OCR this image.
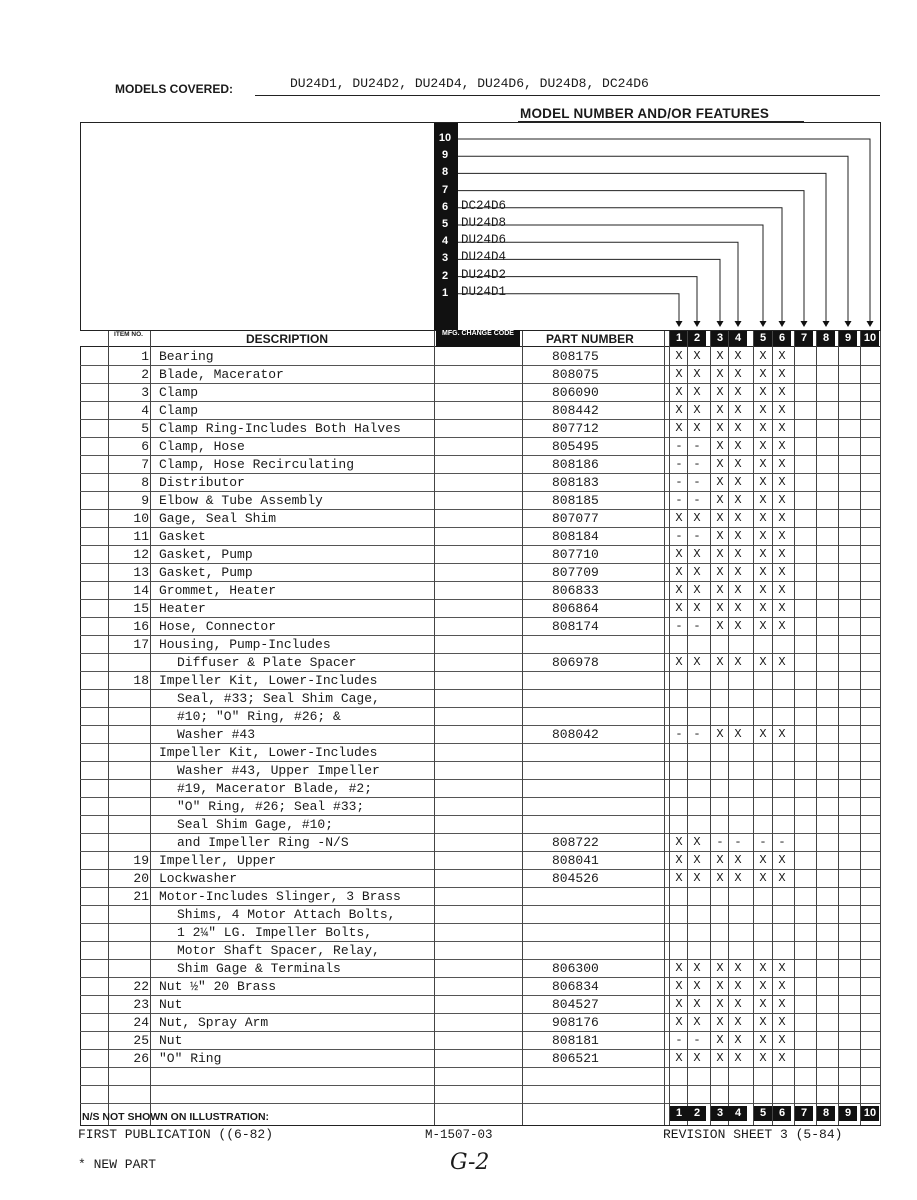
MODELS COVERED:	DU24D1, DU24D2, DU24D4, DU24D6, DU24D8, DC24D6
MODEL NUMBER AND/OR FEATURES
10
9
8
7
6	DC24D6
5	DU24D8
4	DU24D6
3	DU24D4
2	DU24D2
1	DU24D1
ITEM NO.	DESCRIPTION	MFG. CHANGE CODE	PART NUMBER	1	2	3	4	5	6	7	8	9	10
1 Bearing	808175	X X	X X	X X
2 Blade, Macerator	808075	X X	X X	X X
3 Clamp	806090	X X	X X	X X
4 Clamp	808442	X X	X X	X X
5 Clamp Ring-Includes Both Halves	807712	X X	X X	X X
6 Clamp, Hose	805495	- -	X X	X X
7 Clamp, Hose Recirculating	808186	- -	X X	X X
8 Distributor	808183	- -	X X	X X
9 Elbow & Tube Assembly	808185	- -	X X	X X
10 Gage, Seal Shim	807077	X X	X X	X X
11 Gasket	808184	- -	X X	X X
12 Gasket, Pump	807710	X X	X X	X X
13 Gasket, Pump	807709	X X	X X	X X
14 Grommet, Heater	806833	X X	X X	X X
15 Heater	806864	X X	X X	X X
16 Hose, Connector	808174	- -	X X	X X
17 Housing, Pump-Includes
Diffuser & Plate Spacer	806978	X X	X X	X X
18 Impeller Kit, Lower-Includes
Seal, #33; Seal Shim Cage,
#10; "O" Ring, #26; &
Washer #43	808042	- -	X X	X X
Impeller Kit, Lower-Includes
Washer #43, Upper Impeller
#19, Macerator Blade, #2;
"O" Ring, #26; Seal #33;
Seal Shim Gage, #10;
and Impeller Ring -N/S	808722	X X	- -	- -
19 Impeller, Upper	808041	X X	X X	X X
20 Lockwasher	804526	X X	X X	X X
21 Motor-Includes Slinger, 3 Brass
Shims, 4 Motor Attach Bolts,
1 2¼" LG. Impeller Bolts,
Motor Shaft Spacer, Relay,
Shim Gage & Terminals	806300	X X	X X	X X
22 Nut ½" 20 Brass	806834	X X	X X	X X
23 Nut	804527	X X	X X	X X
24 Nut, Spray Arm	908176	X X	X X	X X
25 Nut	808181	- -	X X	X X
26 "O" Ring	806521	X X	X X	X X
N/S NOT SHOWN ON ILLUSTRATION:	1	2	3	4	5	6	7	8	9	10
FIRST PUBLICATION ((6-82)	M-1507-03	REVISION SHEET 3 (5-84)
* NEW PART	G-2
